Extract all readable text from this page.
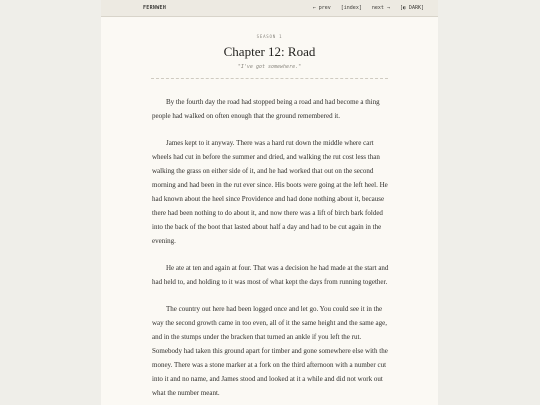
FERNWEH	← prev [index] next → [◐ DARK]
SEASON 1
Chapter 12: Road
"I've got somewhere."

By the fourth day the road had stopped being a road and had become a thing people had walked on often enough that the ground remembered it.

James kept to it anyway. There was a hard rut down the middle where cart wheels had cut in before the summer and dried, and walking the rut cost less than walking the grass on either side of it, and he had worked that out on the second morning and had been in the rut ever since. His boots were going at the left heel. He had known about the heel since Providence and had done nothing about it, because there had been nothing to do about it, and now there was a lift of birch bark folded into the back of the boot that lasted about half a day and had to be cut again in the evening.

He ate at ten and again at four. That was a decision he had made at the start and had held to, and holding to it was most of what kept the days from running together.

The country out here had been logged once and let go. You could see it in the way the second growth came in too even, all of it the same height and the same age, and in the stumps under the bracken that turned an ankle if you left the rut. Somebody had taken this ground apart for timber and gone somewhere else with the money. There was a stone marker at a fork on the third afternoon with a number cut into it and no name, and James stood and looked at it a while and did not work out what the number meant.
